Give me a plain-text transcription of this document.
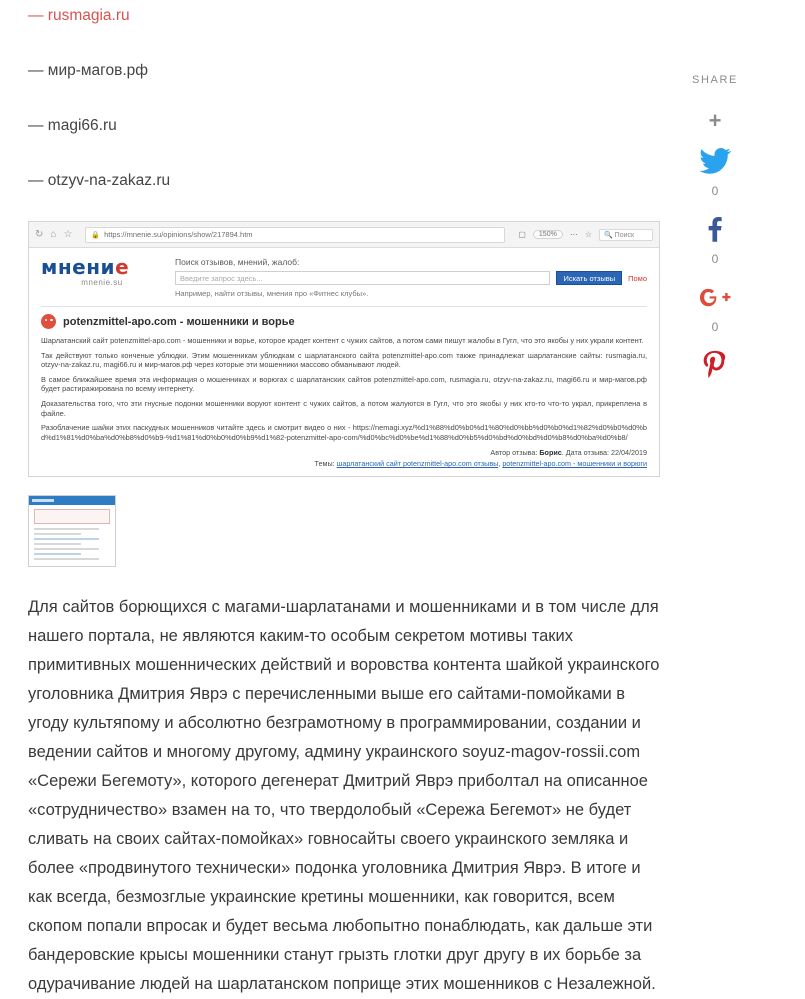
— rusmagia.ru

— мир-магов.рф

— magi66.ru

— otzyv-na-zakaz.ru

↻ ⌂ ☆	🔒 https://mnenie.su/opinions/show/217894.htm	▢	150%	⋯ ☆	🔍 Поиск
мнение
mnenie.su
Поиск отзывов, мнений, жалоб:
Введите запрос здесь...	Искать отзывы	Помо
Например, найти отзывы, мнения про «Фитнес клубы».
potenzmittel-apo.com - мошенники и ворье

Шарлатанский сайт potenzmittel-apo.com - мошенники и ворье, которое крадет контент с чужих сайтов, а потом сами пишут жалобы в Гугл, что это якобы у них украли контент.

Так действуют только конченые ублюдки. Этим мошенникам ублюдкам с шарлатанского сайта potenzmittel-apo.com также принадлежат шарлатанские сайты: rusmagia.ru, otzyv-na-zakaz.ru, magi66.ru и мир-магов.рф через которые эти мошенники массово обманывают людей.

В самое ближайшее время эта информация о мошенниках и ворюгах с шарлатанских сайтов potenzmittel-apo.com, rusmagia.ru, otzyv-na-zakaz.ru, magi66.ru и мир-магов.рф будет растиражирована по всему интернету.

Доказательства того, что эти гнусные подонки мошенники воруют контент с чужих сайтов, а потом жалуются в Гугл, что это якобы у них кто-то что-то украл, прикреплена в файле.

Разоблачение шайки этих паскудных мошенников читайте здесь и смотрит видео о них - https://nemagi.xyz/%d1%88%d0%b0%d1%80%d0%bb%d0%b0%d1%82%d0%b0%d0%bd%d1%81%d0%ba%d0%b8%d0%b9-%d1%81%d0%b0%d0%b9%d1%82-potenzmittel-apo-com/%d0%bc%d0%be%d1%88%d0%b5%d0%bd%d0%bd%d0%b8%d0%ba%d0%b8/

Автор отзыва: Борис. Дата отзыва: 22/04/2019
Темы: шарлатанский сайт potenzmittel-apo.com отзывы, potenzmittel-apo.com - мошенники и ворюги
Для сайтов борющихся с магами-шарлатанами и мошенниками и в том числе для нашего портала, не являются каким-то особым секретом мотивы таких примитивных мошеннических действий и воровства контента шайкой украинского уголовника Дмитрия Яврэ с перечисленными выше его сайтами-помойками в угоду культяпому и абсолютно безграмотному в программировании, создании и ведении сайтов и многому другому, админу украинского soyuz-magov-rossii.com «Сережи Бегемоту», которого дегенерат Дмитрий Яврэ приболтал на описанное «сотрудничество» взамен на то, что твердолобый «Сережа Бегемот» не будет сливать на своих сайтах-помойках» говносайты своего украинского земляка и более «продвинутого технически» подонка уголовника Дмитрия Яврэ. В итоге и как всегда, безмозглые украинские кретины мошенники, как говорится, всем скопом попали впросак и будет весьма любопытно понаблюдать, как дальше эти бандеровские крысы мошенники станут грызть глотки друг другу в их борьбе за одурачивание людей на шарлатанском поприще этих мошенников с Незалежной.
SHARE
+
0
0
0
